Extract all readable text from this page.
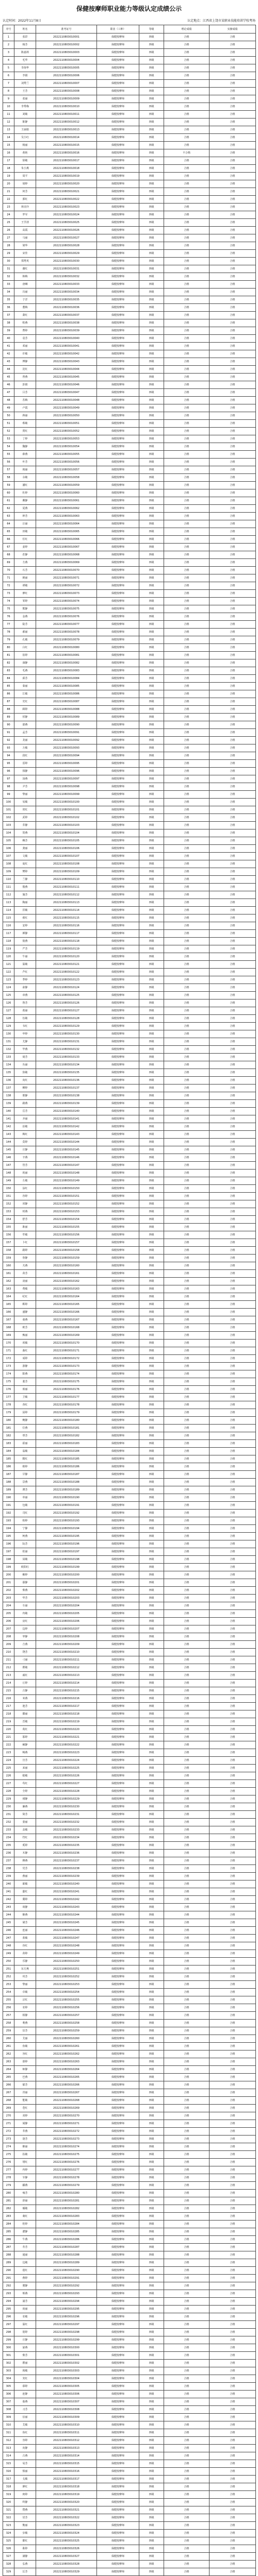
保健按摩师职业能力等级认定成绩公示
认定时间：2022年11月8日	认定地点：江西省上饶市某职业技能培训学校考场
序号	姓名	准考证号	职业（工种）	等级	理论成绩	实操成绩
1	张彩	2022110803010001	保健按摩师	四级	合格	合格
2	杨芳	2022110803010002	保健按摩师	四级	合格	合格
3	陈嘉莉	2022110803010003	保健按摩师	四级	合格	合格
4	毛华	2022110803010004	保健按摩师	四级	合格	合格
5	李海华	2022110803010005	保健按摩师	四级	合格	合格
6	李娟	2022110803010006	保健按摩师	四级	合格	合格
7	刘秀兰	2022110803010007	保健按摩师	四级	合格	合格
8	王芳	2022110803010008	保健按摩师	四级	合格	合格
9	张丽	2022110803010009	保健按摩师	四级	合格	合格
10	李秀梅	2022110803010010	保健按摩师	四级	合格	合格
11	刘敏	2022110803010011	保健按摩师	四级	合格	合格
12	陈静	2022110803010012	保健按摩师	四级	合格	合格
13	王丽娟	2022110803010013	保健按摩师	四级	合格	合格
14	吴小红	2022110803010014	保健按摩师	四级	合格	合格
15	杨丽	2022110803010015	保健按摩师	四级	合格	合格
16	黄艳	2022110803010016	保健按摩师	四级	不合格	合格
17	徐敏	2022110803010017	保健按摩师	四级	合格	合格
18	朱小燕	2022110803010018	保健按摩师	四级	合格	合格
19	周平	2022110803010019	保健按摩师	四级	合格	合格
20	胡婷	2022110803010020	保健按摩师	四级	合格	合格
21	何芳	2022110803010021	保健按摩师	四级	合格	合格
22	郭红	2022110803010022	保健按摩师	四级	合格	合格
23	林美玲	2022110803010023	保健按摩师	四级	合格	合格
24	罗军	2022110803010024	保健按摩师	四级	合格	合格
25	王学清	2022110803010025	保健按摩师	四级	合格	合格
26	高霞	2022110803010026	保健按摩师	四级	合格	合格
27	马丽	2022110803010027	保健按摩师	四级	合格	合格
28	梁华	2022110803010028	保健按摩师	四级	合格	合格
29	宋佳	2022110803010029	保健按摩师	四级	合格	合格
30	郑秀英	2022110803010030	保健按摩师	四级	合格	合格
31	谢红	2022110803010031	保健按摩师	四级	合格	合格
32	韩梅	2022110803010032	保健按摩师	四级	合格	合格
33	唐琳	2022110803010033	保健按摩师	四级	合格	合格
34	冯丽	2022110803010034	保健按摩师	四级	合格	合格
35	于洋	2022110803010035	保健按摩师	四级	合格	合格
36	董梅	2022110803010036	保健按摩师	四级	合格	合格
37	萧红	2022110803010037	保健按摩师	四级	合格	合格
38	程燕	2022110803010038	保健按摩师	四级	合格	合格
39	曹婷	2022110803010039	保健按摩师	四级	合格	合格
40	袁芳	2022110803010040	保健按摩师	四级	合格	合格
41	邓丽	2022110803010041	保健按摩师	四级	合格	合格
42	许敏	2022110803010042	保健按摩师	四级	合格	合格
43	傅静	2022110803010043	保健按摩师	四级	合格	合格
44	沈红	2022110803010044	保健按摩师	四级	合格	合格
45	曾燕	2022110803010045	保健按摩师	四级	合格	合格
46	彭娟	2022110803010046	保健按摩师	四级	合格	合格
47	吕芳	2022110803010047	保健按摩师	四级	合格	合格
48	苏梅	2022110803010048	保健按摩师	四级	合格	合格
49	卢霞	2022110803010049	保健按摩师	四级	合格	合格
50	蒋丽	2022110803010050	保健按摩师	四级	合格	合格
51	蔡敏	2022110803010051	保健按摩师	四级	合格	合格
52	贾红	2022110803010052	保健按摩师	四级	合格	合格
53	丁婷	2022110803010053	保健按摩师	四级	合格	合格
54	魏静	2022110803010054	保健按摩师	四级	合格	合格
55	薛燕	2022110803010055	保健按摩师	四级	合格	合格
56	叶芳	2022110803010056	保健按摩师	四级	合格	合格
57	阎丽	2022110803010057	保健按摩师	四级	合格	合格
58	余敏	2022110803010058	保健按摩师	四级	合格	合格
59	潘红	2022110803010059	保健按摩师	四级	合格	合格
60	杜婷	2022110803010060	保健按摩师	四级	合格	合格
61	戴静	2022110803010061	保健按摩师	四级	合格	合格
62	夏燕	2022110803010062	保健按摩师	四级	合格	合格
63	钟芳	2022110803010063	保健按摩师	四级	合格	合格
64	汪丽	2022110803010064	保健按摩师	四级	合格	合格
65	田敏	2022110803010065	保健按摩师	四级	合格	合格
66	任红	2022110803010066	保健按摩师	四级	合格	合格
67	姜婷	2022110803010067	保健按摩师	四级	合格	合格
68	范静	2022110803010068	保健按摩师	四级	合格	合格
69	方燕	2022110803010069	保健按摩师	四级	合格	合格
70	石芳	2022110803010070	保健按摩师	四级	合格	合格
71	姚丽	2022110803010071	保健按摩师	四级	合格	合格
72	谭敏	2022110803010072	保健按摩师	四级	合格	合格
73	廖红	2022110803010073	保健按摩师	四级	合格	合格
74	邹婷	2022110803010074	保健按摩师	四级	合格	合格
75	熊静	2022110803010075	保健按摩师	四级	合格	合格
76	金燕	2022110803010076	保健按摩师	四级	合格	合格
77	陆芳	2022110803010077	保健按摩师	四级	合格	合格
78	郝丽	2022110803010078	保健按摩师	四级	合格	合格
79	孔敏	2022110803010079	保健按摩师	四级	合格	合格
80	白红	2022110803010080	保健按摩师	四级	合格	合格
81	崔婷	2022110803010081	保健按摩师	四级	合格	合格
82	康静	2022110803010082	保健按摩师	四级	合格	合格
83	毛燕	2022110803010083	保健按摩师	四级	合格	合格
84	邱芳	2022110803010084	保健按摩师	四级	合格	合格
85	秦丽	2022110803010085	保健按摩师	四级	合格	合格
86	江敏	2022110803010086	保健按摩师	四级	合格	合格
87	史红	2022110803010087	保健按摩师	四级	合格	合格
88	顾婷	2022110803010088	保健按摩师	四级	合格	合格
89	侯静	2022110803010089	保健按摩师	四级	合格	合格
90	邵燕	2022110803010090	保健按摩师	四级	合格	合格
91	孟芳	2022110803010091	保健按摩师	四级	合格	合格
92	龙丽	2022110803010092	保健按摩师	四级	合格	合格
93	万敏	2022110803010093	保健按摩师	四级	合格	合格
94	段红	2022110803010094	保健按摩师	四级	合格	合格
95	雷婷	2022110803010095	保健按摩师	四级	合格	合格
96	钱静	2022110803010096	保健按摩师	四级	合格	合格
97	汤燕	2022110803010097	保健按摩师	四级	合格	合格
98	尹芳	2022110803010098	保健按摩师	四级	合格	合格
99	黎丽	2022110803010099	保健按摩师	四级	合格	合格
100	易敏	2022110803010100	保健按摩师	四级	合格	合格
101	常红	2022110803010101	保健按摩师	四级	合格	合格
102	武婷	2022110803010102	保健按摩师	四级	合格	合格
103	乔静	2022110803010103	保健按摩师	四级	合格	合格
104	贺燕	2022110803010104	保健按摩师	四级	合格	合格
105	赖芳	2022110803010105	保健按摩师	四级	合格	合格
106	龚丽	2022110803010106	保健按摩师	四级	合格	合格
107	文敏	2022110803010107	保健按摩师	四级	合格	合格
108	庞红	2022110803010108	保健按摩师	四级	合格	合格
109	樊婷	2022110803010109	保健按摩师	四级	合格	合格
110	兰静	2022110803010110	保健按摩师	四级	合格	合格
111	殷燕	2022110803010111	保健按摩师	四级	合格	合格
112	施芳	2022110803010112	保健按摩师	四级	合格	合格
113	陶丽	2022110803010113	保健按摩师	四级	合格	合格
114	洪敏	2022110803010114	保健按摩师	四级	合格	合格
115	翟红	2022110803010115	保健按摩师	四级	合格	合格
116	安婷	2022110803010116	保健按摩师	四级	合格	合格
117	颜静	2022110803010117	保健按摩师	四级	合格	合格
118	倪燕	2022110803010118	保健按摩师	四级	合格	合格
119	严芳	2022110803010119	保健按摩师	四级	合格	合格
120	牛丽	2022110803010120	保健按摩师	四级	合格	合格
121	温敏	2022110803010121	保健按摩师	四级	合格	合格
122	芦红	2022110803010122	保健按摩师	四级	合格	合格
123	季婷	2022110803010123	保健按摩师	四级	合格	合格
124	俞静	2022110803010124	保健按摩师	四级	合格	合格
125	章燕	2022110803010125	保健按摩师	四级	合格	合格
126	鲁芳	2022110803010126	保健按摩师	四级	合格	合格
127	葛丽	2022110803010127	保健按摩师	四级	合格	合格
128	伍敏	2022110803010128	保健按摩师	四级	合格	合格
129	韦红	2022110803010129	保健按摩师	四级	合格	合格
130	申婷	2022110803010130	保健按摩师	四级	合格	合格
131	尤静	2022110803010131	保健按摩师	四级	合格	合格
132	毕燕	2022110803010132	保健按摩师	四级	合格	合格
133	聂芳	2022110803010133	保健按摩师	四级	合格	合格
134	丛丽	2022110803010134	保健按摩师	四级	合格	合格
135	焦敏	2022110803010135	保健按摩师	四级	合格	合格
136	向红	2022110803010136	保健按摩师	四级	合格	合格
137	柳婷	2022110803010137	保健按摩师	四级	合格	合格
138	邢静	2022110803010138	保健按摩师	四级	合格	合格
139	路燕	2022110803010139	保健按摩师	四级	合格	合格
140	岳芳	2022110803010140	保健按摩师	四级	合格	合格
141	齐丽	2022110803010141	保健按摩师	四级	合格	合格
142	沿敏	2022110803010142	保健按摩师	四级	合格	合格
143	梅红	2022110803010143	保健按摩师	四级	合格	合格
144	莫婷	2022110803010144	保健按摩师	四级	合格	合格
145	庄静	2022110803010145	保健按摩师	四级	合格	合格
146	辛燕	2022110803010146	保健按摩师	四级	合格	合格
147	管芳	2022110803010147	保健按摩师	四级	合格	合格
148	祝丽	2022110803010148	保健按摩师	四级	合格	合格
149	左敏	2022110803010149	保健按摩师	四级	合格	合格
150	涂红	2022110803010150	保健按摩师	四级	合格	合格
151	谷婷	2022110803010151	保健按摩师	四级	合格	合格
152	祁静	2022110803010152	保健按摩师	四级	合格	合格
153	时燕	2022110803010153	保健按摩师	四级	合格	合格
154	舒芳	2022110803010154	保健按摩师	四级	合格	合格
155	耿丽	2022110803010155	保健按摩师	四级	合格	合格
156	牟敏	2022110803010156	保健按摩师	四级	合格	合格
157	卜红	2022110803010157	保健按摩师	四级	合格	合格
158	路婷	2022110803010158	保健按摩师	四级	合格	合格
159	詹静	2022110803010159	保健按摩师	四级	合格	合格
160	关燕	2022110803010160	保健按摩师	四级	合格	合格
161	苗芳	2022110803010161	保健按摩师	四级	合格	合格
162	凌丽	2022110803010162	保健按摩师	四级	合格	合格
163	费敏	2022110803010163	保健按摩师	四级	合格	合格
164	纪红	2022110803010164	保健按摩师	四级	合格	合格
165	靳婷	2022110803010165	保健按摩师	四级	合格	合格
166	盛静	2022110803010166	保健按摩师	四级	合格	合格
167	童燕	2022110803010167	保健按摩师	四级	合格	合格
168	欧芳	2022110803010168	保健按摩师	四级	合格	合格
169	甄丽	2022110803010169	保健按摩师	四级	合格	合格
170	项敏	2022110803010170	保健按摩师	四级	合格	合格
171	曲红	2022110803010171	保健按摩师	四级	合格	合格
172	成婷	2022110803010172	保健按摩师	四级	合格	合格
173	游静	2022110803010173	保健按摩师	四级	合格	合格
174	阳燕	2022110803010174	保健按摩师	四级	合格	合格
175	裴芳	2022110803010175	保健按摩师	四级	合格	合格
176	席丽	2022110803010176	保健按摩师	四级	合格	合格
177	卫敏	2022110803010177	保健按摩师	四级	合格	合格
178	查红	2022110803010178	保健按摩师	四级	合格	合格
179	屈婷	2022110803010179	保健按摩师	四级	合格	合格
180	鲍静	2022110803010180	保健按摩师	四级	合格	合格
181	位燕	2022110803010181	保健按摩师	四级	合格	合格
182	覃芳	2022110803010182	保健按摩师	四级	合格	合格
183	霍丽	2022110803010183	保健按摩师	四级	合格	合格
184	翁敏	2022110803010184	保健按摩师	四级	合格	合格
185	隋红	2022110803010185	保健按摩师	四级	合格	合格
186	植婷	2022110803010186	保健按摩师	四级	合格	合格
187	甘静	2022110803010187	保健按摩师	四级	合格	合格
188	景燕	2022110803010188	保健按摩师	四级	合格	合格
189	薄芳	2022110803010189	保健按摩师	四级	合格	合格
190	单丽	2022110803010190	保健按摩师	四级	合格	合格
191	包敏	2022110803010191	保健按摩师	四级	合格	合格
192	司红	2022110803010192	保健按摩师	四级	合格	合格
193	柏婷	2022110803010193	保健按摩师	四级	合格	合格
194	宁静	2022110803010194	保健按摩师	四级	合格	合格
195	柯燕	2022110803010195	保健按摩师	四级	合格	合格
196	阮芳	2022110803010196	保健按摩师	四级	合格	合格
197	桂丽	2022110803010197	保健按摩师	四级	合格	合格
198	闵敏	2022110803010198	保健按摩师	四级	合格	合格
199	欧阳红	2022110803010199	保健按摩师	四级	合格	合格
200	解婷	2022110803010200	保健按摩师	四级	合格	合格
201	强静	2022110803010201	保健按摩师	四级	合格	合格
202	柴燕	2022110803010202	保健按摩师	四级	合格	合格
203	华芳	2022110803010203	保健按摩师	四级	合格	合格
204	车丽	2022110803010204	保健按摩师	四级	合格	合格
205	冉敏	2022110803010205	保健按摩师	四级	合格	合格
206	房红	2022110803010206	保健按摩师	四级	合格	合格
207	边婷	2022110803010207	保健按摩师	四级	合格	合格
208	辜静	2022110803010208	保健按摩师	四级	合格	合格
209	吉燕	2022110803010209	保健按摩师	四级	合格	合格
210	饶芳	2022110803010210	保健按摩师	四级	合格	合格
211	刁丽	2022110803010211	保健按摩师	四级	合格	合格
212	瞿敏	2022110803010212	保健按摩师	四级	合格	合格
213	戚红	2022110803010213	保健按摩师	四级	合格	合格
214	丘婷	2022110803010214	保健按摩师	四级	合格	合格
215	古静	2022110803010215	保健按摩师	四级	合格	合格
216	米燕	2022110803010216	保健按摩师	四级	合格	合格
217	池芳	2022110803010217	保健按摩师	四级	合格	合格
218	滕丽	2022110803010218	保健按摩师	四级	合格	合格
219	晋敏	2022110803010219	保健按摩师	四级	合格	合格
220	苑红	2022110803010220	保健按摩师	四级	合格	合格
221	邬婷	2022110803010221	保健按摩师	四级	合格	合格
222	臧静	2022110803010222	保健按摩师	四级	合格	合格
223	畅燕	2022110803010223	保健按摩师	四级	合格	合格
224	宫芳	2022110803010224	保健按摩师	四级	合格	合格
225	来丽	2022110803010225	保健按摩师	四级	合格	合格
226	嵇敏	2022110803010226	保健按摩师	四级	合格	合格
227	苟红	2022110803010227	保健按摩师	四级	合格	合格
228	全婷	2022110803010228	保健按摩师	四级	合格	合格
229	褚静	2022110803010229	保健按摩师	四级	合格	合格
230	廉燕	2022110803010230	保健按摩师	四级	合格	合格
231	简芳	2022110803010231	保健按摩师	四级	合格	合格
232	娄丽	2022110803010232	保健按摩师	四级	合格	合格
233	盖敏	2022110803010233	保健按摩师	四级	合格	合格
234	符红	2022110803010234	保健按摩师	四级	合格	合格
235	奚婷	2022110803010235	保健按摩师	四级	合格	合格
236	木静	2022110803010236	保健按摩师	四级	合格	合格
237	穆燕	2022110803010237	保健按摩师	四级	合格	合格
238	党芳	2022110803010238	保健按摩师	四级	合格	合格
239	燕丽	2022110803010239	保健按摩师	四级	合格	合格
240	郎敏	2022110803010240	保健按摩师	四级	合格	合格
241	邸红	2022110803010241	保健按摩师	四级	合格	合格
242	冀婷	2022110803010242	保健按摩师	四级	合格	合格
243	谈静	2022110803010243	保健按摩师	四级	合格	合格
244	姬燕	2022110803010244	保健按摩师	四级	合格	合格
245	屠芳	2022110803010245	保健按摩师	四级	合格	合格
246	连丽	2022110803010246	保健按摩师	四级	合格	合格
247	蓝敏	2022110803010247	保健按摩师	四级	合格	合格
248	谷红	2022110803010248	保健按摩师	四级	合格	合格
249	苗婷	2022110803010249	保健按摩师	四级	合格	合格
250	乐静	2022110803010250	保健按摩师	四级	合格	合格
251	东方燕	2022110803010251	保健按摩师	四级	合格	合格
252	巩芳	2022110803010252	保健按摩师	四级	合格	合格
253	黎丽	2022110803010253	保健按摩师	四级	合格	合格
254	卓敏	2022110803010254	保健按摩师	四级	合格	合格
255	宗红	2022110803010255	保健按摩师	四级	合格	合格
256	农婷	2022110803010256	保健按摩师	四级	合格	合格
257	相静	2022110803010257	保健按摩师	四级	合格	合格
258	利燕	2022110803010258	保健按摩师	四级	合格	合格
259	宦芳	2022110803010259	保健按摩师	四级	合格	合格
260	艾丽	2022110803010260	保健按摩师	四级	合格	合格
261	鱼敏	2022110803010261	保健按摩师	四级	合格	合格
262	容红	2022110803010262	保健按摩师	四级	合格	合格
263	慕婷	2022110803010263	保健按摩师	四级	合格	合格
264	师静	2022110803010264	保健按摩师	四级	合格	合格
265	巴燕	2022110803010265	保健按摩师	四级	合格	合格
266	郁芳	2022110803010266	保健按摩师	四级	合格	合格
267	胥丽	2022110803010267	保健按摩师	四级	合格	合格
268	能敏	2022110803010268	保健按摩师	四级	合格	合格
269	苍红	2022110803010269	保健按摩师	四级	合格	合格
270	双婷	2022110803010270	保健按摩师	四级	合格	合格
271	闻静	2022110803010271	保健按摩师	四级	合格	合格
272	莘燕	2022110803010272	保健按摩师	四级	合格	合格
273	逢芳	2022110803010273	保健按摩师	四级	合格	合格
274	姬丽	2022110803010274	保健按摩师	四级	合格	合格
275	扶敏	2022110803010275	保健按摩师	四级	合格	合格
276	堵红	2022110803010276	保健按摩师	四级	合格	合格
277	冉婷	2022110803010277	保健按摩师	四级	合格	合格
278	宰静	2022110803010278	保健按摩师	四级	合格	合格
279	郦燕	2022110803010279	保健按摩师	四级	合格	合格
280	雍芳	2022110803010280	保健按摩师	四级	合格	合格
281	却丽	2022110803010281	保健按摩师	四级	合格	合格
282	璩敏	2022110803010282	保健按摩师	四级	合格	合格
283	桑红	2022110803010283	保健按摩师	四级	合格	合格
284	桂婷	2022110803010284	保健按摩师	四级	合格	合格
285	濮静	2022110803010285	保健按摩师	四级	合格	合格
286	牛燕	2022110803010286	保健按摩师	四级	合格	合格
287	寿芳	2022110803010287	保健按摩师	四级	合格	合格
288	通丽	2022110803010288	保健按摩师	四级	合格	合格
289	边敏	2022110803010289	保健按摩师	四级	合格	合格
290	扈红	2022110803010290	保健按摩师	四级	合格	合格
291	燕婷	2022110803010291	保健按摩师	四级	合格	合格
292	冀静	2022110803010292	保健按摩师	四级	合格	合格
293	郏燕	2022110803010293	保健按摩师	四级	合格	合格
294	浦芳	2022110803010294	保健按摩师	四级	合格	合格
295	尚丽	2022110803010295	保健按摩师	四级	合格	合格
296	农敏	2022110803010296	保健按摩师	四级	合格	合格
297	温红	2022110803010297	保健按摩师	四级	合格	合格
298	别婷	2022110803010298	保健按摩师	四级	合格	合格
299	庄静	2022110803010299	保健按摩师	四级	合格	合格
300	晏燕	2022110803010300	保健按摩师	四级	合格	合格
301	柴芳	2022110803010301	保健按摩师	四级	合格	合格
302	瞿丽	2022110803010302	保健按摩师	四级	合格	合格
303	阎敏	2022110803010303	保健按摩师	四级	合格	合格
304	充红	2022110803010304	保健按摩师	四级	合格	合格
305	慕婷	2022110803010305	保健按摩师	四级	合格	合格
306	连静	2022110803010306	保健按摩师	四级	合格	合格
307	茹燕	2022110803010307	保健按摩师	四级	合格	合格
308	习芳	2022110803010308	保健按摩师	四级	合格	合格
309	宦丽	2022110803010309	保健按摩师	四级	合格	合格
310	艾敏	2022110803010310	保健按摩师	四级	合格	合格
311	鱼红	2022110803010311	保健按摩师	四级	合格	合格
312	容婷	2022110803010312	保健按摩师	四级	合格	合格
313	向静	2022110803010313	保健按摩师	四级	合格	合格
314	古燕	2022110803010314	保健按摩师	四级	合格	合格
315	易芳	2022110803010315	保健按摩师	四级	合格	合格
316	慎丽	2022110803010316	保健按摩师	四级	合格	合格
317	戈敏	2022110803010317	保健按摩师	四级	合格	合格
318	廖红	2022110803010318	保健按摩师	四级	合格	合格
319	庾婷	2022110803010319	保健按摩师	四级	合格	合格
320	终静	2022110803010320	保健按摩师	四级	合格	合格
321	暨燕	2022110803010321	保健按摩师	四级	合格	合格
322	居芳	2022110803010322	保健按摩师	四级	合格	合格
323	衡丽	2022110803010323	保健按摩师	四级	合格	合格
324	步敏	2022110803010324	保健按摩师	四级	合格	合格
325	都红	2022110803010325	保健按摩师	四级	合格	合格
326	耿婷	2022110803010326	保健按摩师	四级	合格	合格
327	满静	2022110803010327	保健按摩师	四级	合格	合格
328	弘燕	2022110803010328	保健按摩师	四级	合格	合格
329	匡芳	2022110803010329	保健按摩师	四级	合格	合格
